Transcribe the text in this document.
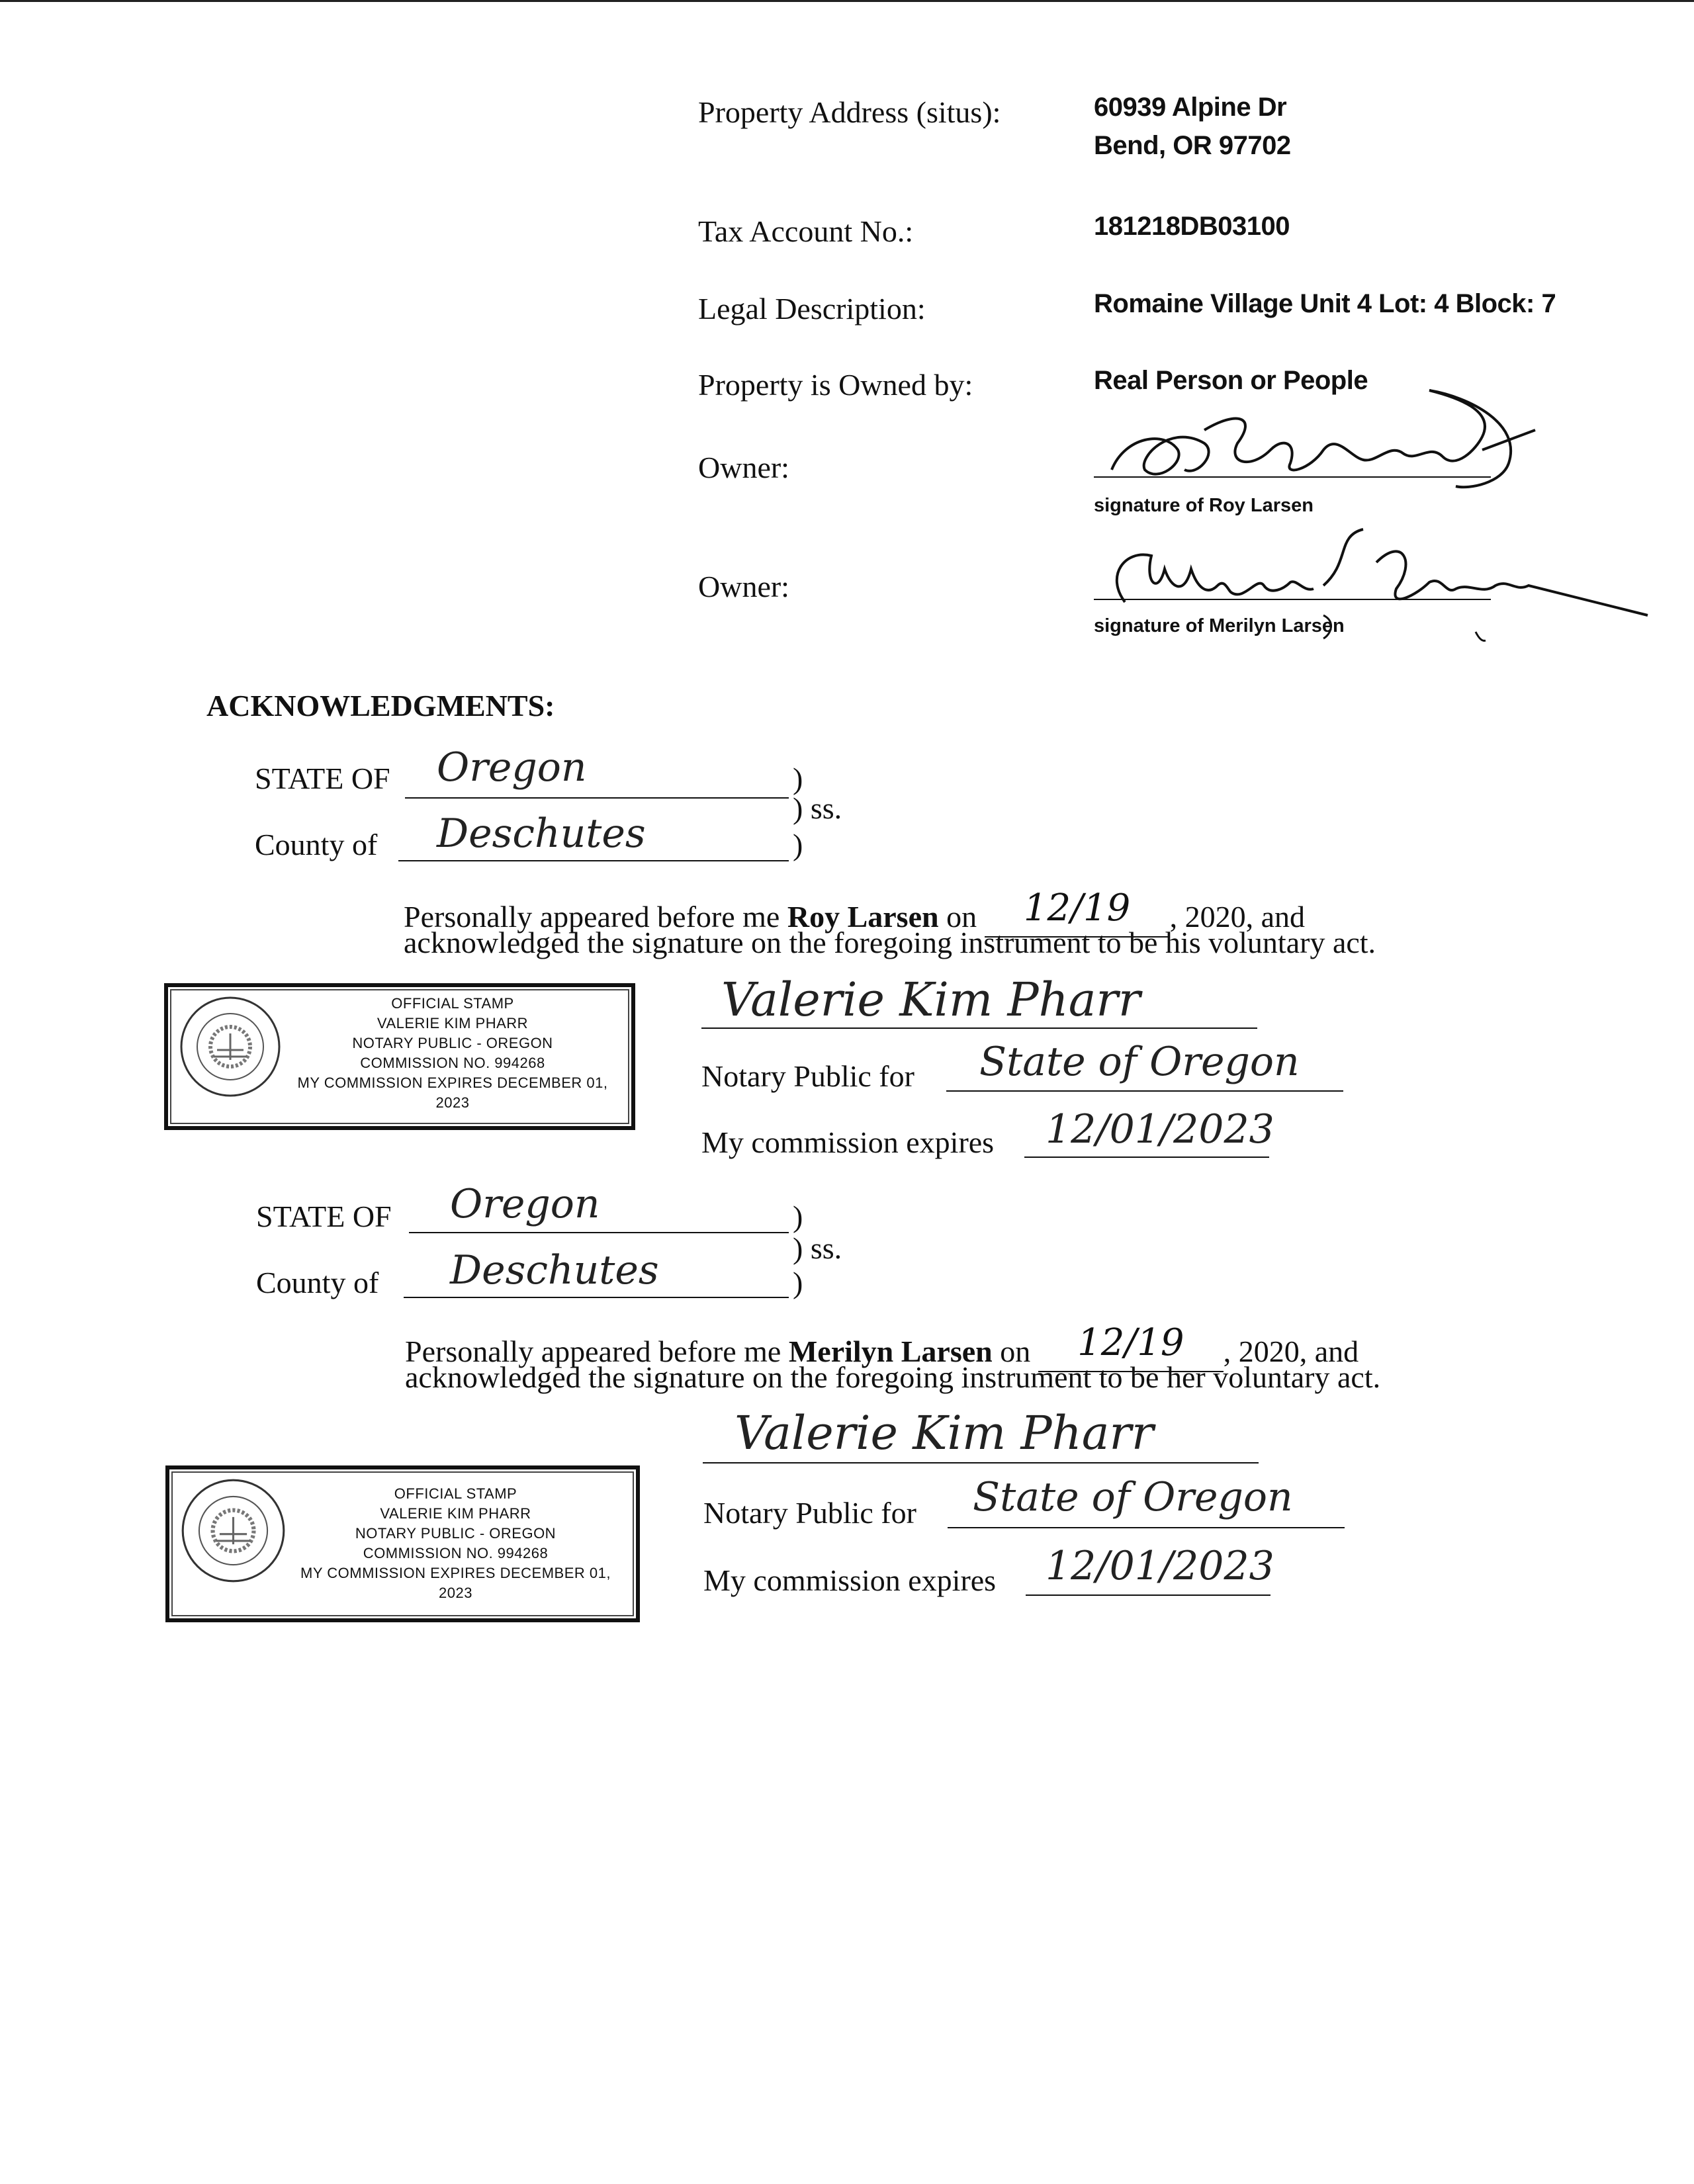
Property Address (situs):	60939 Alpine Dr
Bend, OR 97702
Tax Account No.:	181218DB03100
Legal Description:	Romaine Village Unit 4 Lot: 4 Block: 7
Property is Owned by:	Real Person or People
Owner:
signature of Roy Larsen
Owner:
signature of Merilyn Larsen
ACKNOWLEDGMENTS:
STATE OF Oregon	)
) ss.
County of Deschutes	)
Personally appeared before me Roy Larsen on 12/19 , 2020, and
acknowledged the signature on the foregoing instrument to be his voluntary act.
OFFICIAL STAMP
VALERIE KIM PHARR
NOTARY PUBLIC - OREGON
COMMISSION NO. 994268
MY COMMISSION EXPIRES DECEMBER 01, 2023
Valerie Kim Pharr
Notary Public for State of Oregon
My commission expires 12/01/2023
STATE OF Oregon	)
) ss.
County of Deschutes	)
Personally appeared before me Merilyn Larsen on 12/19 , 2020, and
acknowledged the signature on the foregoing instrument to be her voluntary act.
Valerie Kim Pharr
OFFICIAL STAMP
VALERIE KIM PHARR
NOTARY PUBLIC - OREGON
COMMISSION NO. 994268
MY COMMISSION EXPIRES DECEMBER 01, 2023
Notary Public for State of Oregon
My commission expires 12/01/2023
